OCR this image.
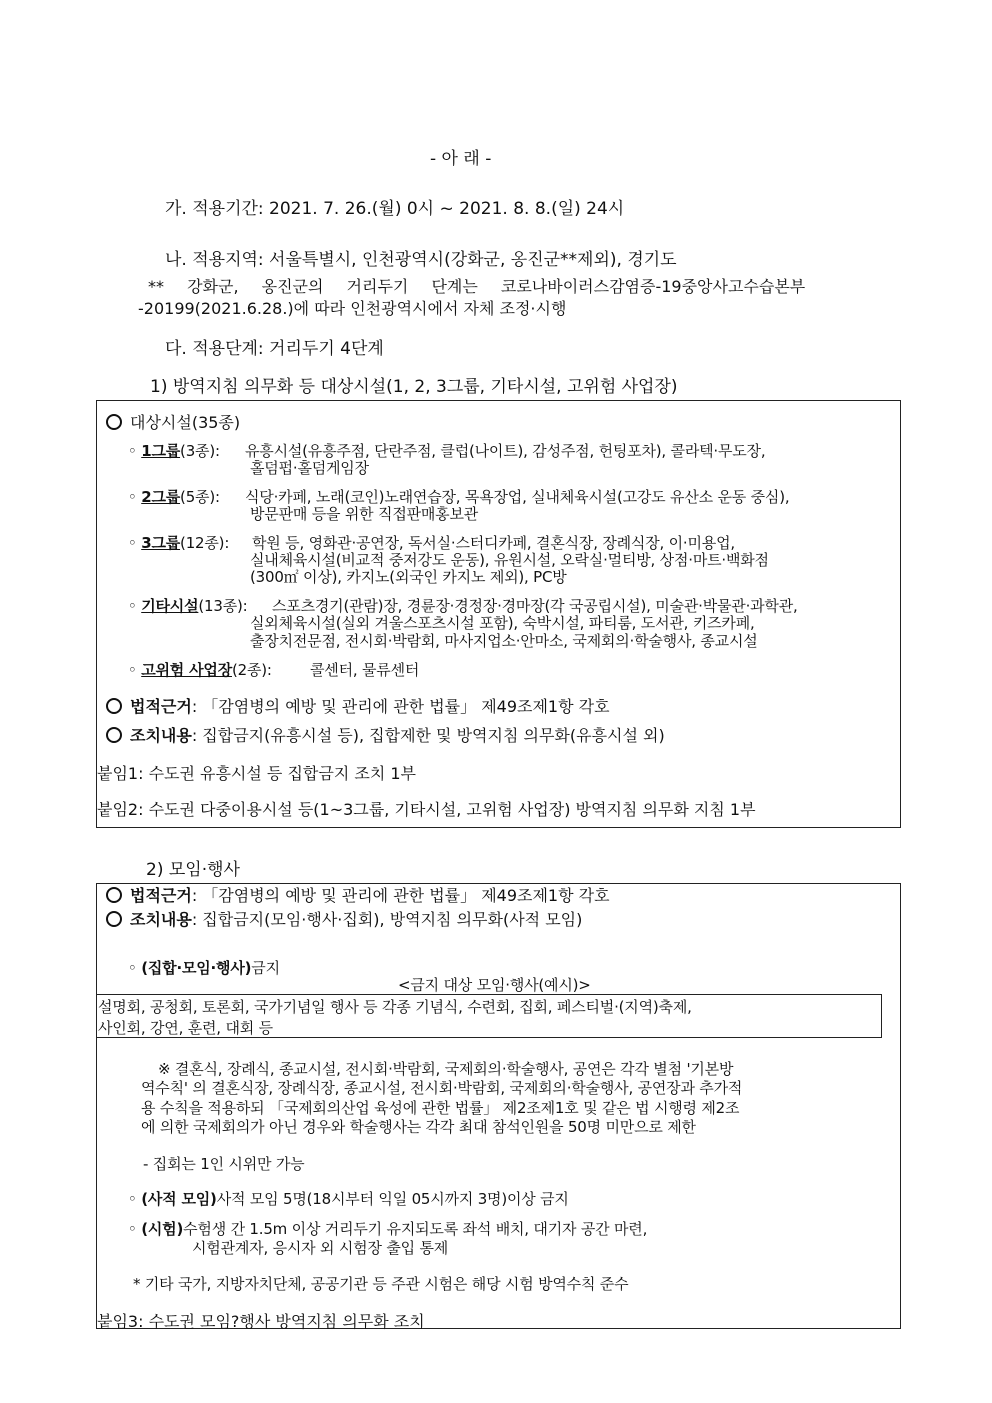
- 아 래 -
가. 적용기간: 2021. 7. 26.(월) 0시 ~ 2021. 8. 8.(일) 24시
나. 적용지역: 서울특별시, 인천광역시(강화군, 옹진군**제외), 경기도
** 강화군, 옹진군의 거리두기 단계는 코로나바이러스감염증-19중앙사고수습본부
-20199(2021.6.28.)에 따라 인천광역시에서 자체 조정·시행
다. 적용단계: 거리두기 4단계
1) 방역지침 의무화 등 대상시설(1, 2, 3그룹, 기타시설, 고위험 사업장)
대상시설(35종)
◦ 1그룹(3종): 유흥시설(유흥주점, 단란주점, 클럽(나이트), 감성주점, 헌팅포차), 콜라텍·무도장,
홀덤펍·홀덤게임장
◦ 2그룹(5종): 식당·카페, 노래(코인)노래연습장, 목욕장업, 실내체육시설(고강도 유산소 운동 중심),
방문판매 등을 위한 직접판매홍보관
◦ 3그룹(12종): 학원 등, 영화관·공연장, 독서실·스터디카페, 결혼식장, 장례식장, 이·미용업,
실내체육시설(비교적 중저강도 운동), 유원시설, 오락실·멀티방, 상점·마트·백화점
(300㎡ 이상), 카지노(외국인 카지노 제외), PC방
◦ 기타시설(13종): 스포츠경기(관람)장, 경륜장·경정장·경마장(각 국공립시설), 미술관·박물관·과학관,
실외체육시설(실외 겨울스포츠시설 포함), 숙박시설, 파티룸, 도서관, 키즈카페,
출장치전문점, 전시회·박람회, 마사지업소·안마소, 국제회의·학술행사, 종교시설
◦ 고위험 사업장(2종):	콜센터, 물류센터
법적근거: 「감염병의 예방 및 관리에 관한 법률」 제49조제1항 각호
조치내용: 집합금지(유흥시설 등), 집합제한 및 방역지침 의무화(유흥시설 외)
붙임1: 수도권 유흥시설 등 집합금지 조치 1부
붙임2: 수도권 다중이용시설 등(1~3그룹, 기타시설, 고위험 사업장) 방역지침 의무화 지침 1부
2) 모임·행사
법적근거: 「감염병의 예방 및 관리에 관한 법률」 제49조제1항 각호
조치내용: 집합금지(모임·행사·집회), 방역지침 의무화(사적 모임)
◦ (집합·모임·행사)금지
<금지 대상 모임·행사(예시)>
설명회, 공청회, 토론회, 국가기념일 행사 등 각종 기념식, 수련회, 집회, 페스티벌·(지역)축제,
사인회, 강연, 훈련, 대회 등
※ 결혼식, 장례식, 종교시설, 전시회·박람회, 국제회의·학술행사, 공연은 각각 별첨 '기본방
역수칙' 의 결혼식장, 장례식장, 종교시설, 전시회·박람회, 국제회의·학술행사, 공연장과 추가적
용 수칙을 적용하되 「국제회의산업 육성에 관한 법률」 제2조제1호 및 같은 법 시행령 제2조
에 의한 국제회의가 아닌 경우와 학술행사는 각각 최대 참석인원을 50명 미만으로 제한
- 집회는 1인 시위만 가능
◦ (사적 모임)사적 모임 5명(18시부터 익일 05시까지 3명)이상 금지
◦ (시험)수험생 간 1.5m 이상 거리두기 유지되도록 좌석 배치, 대기자 공간 마련,
시험관계자, 응시자 외 시험장 출입 통제
* 기타 국가, 지방자치단체, 공공기관 등 주관 시험은 해당 시험 방역수칙 준수
붙임3: 수도권 모임?행사 방역지침 의무화 조치
